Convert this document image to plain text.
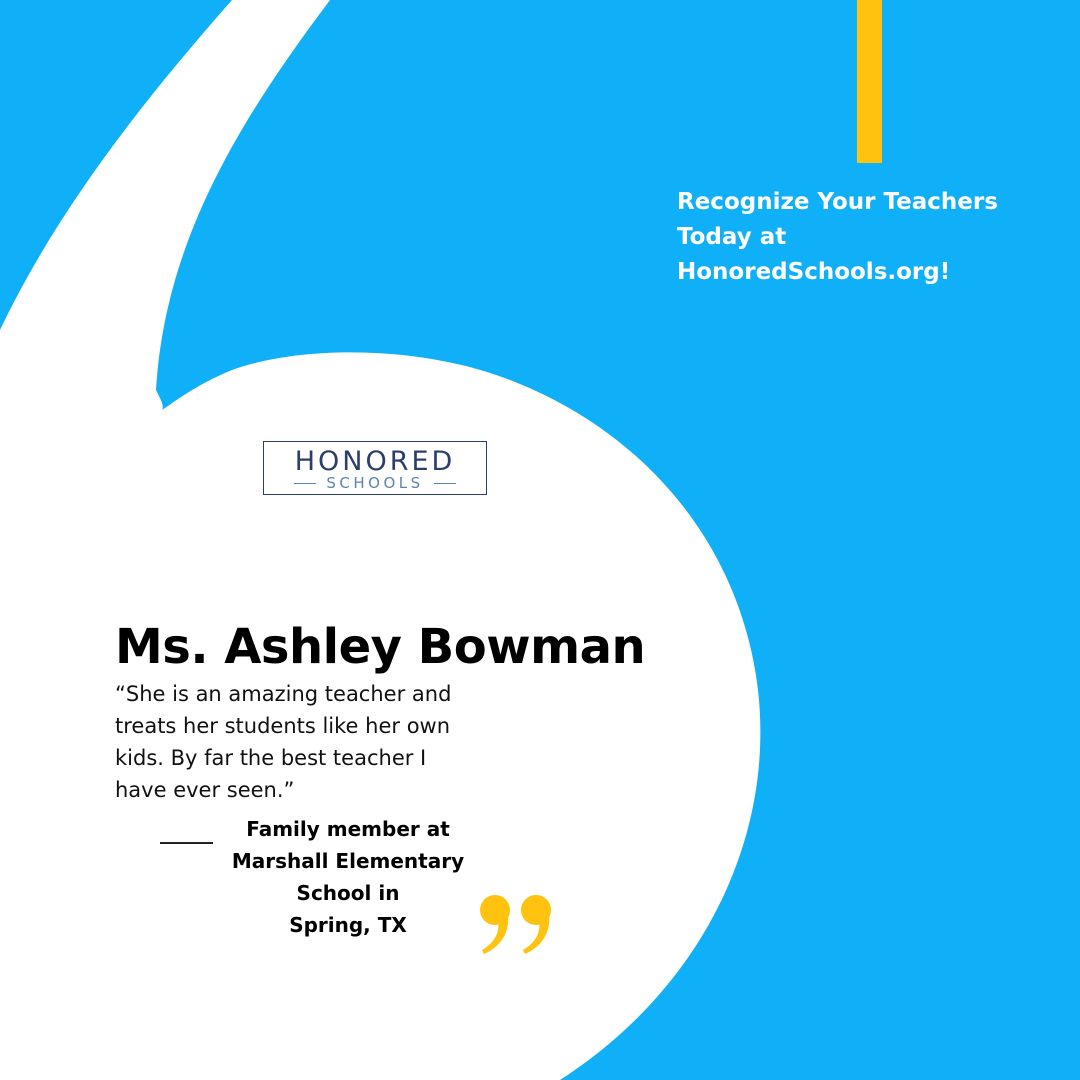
Recognize Your Teachers
Today at
HonoredSchools.org!
HONORED
SCHOOLS
Ms. Ashley Bowman
“She is an amazing teacher and
treats her students like her own
kids. By far the best teacher I
have ever seen.”
Family member at
Marshall Elementary
School in
Spring, TX
